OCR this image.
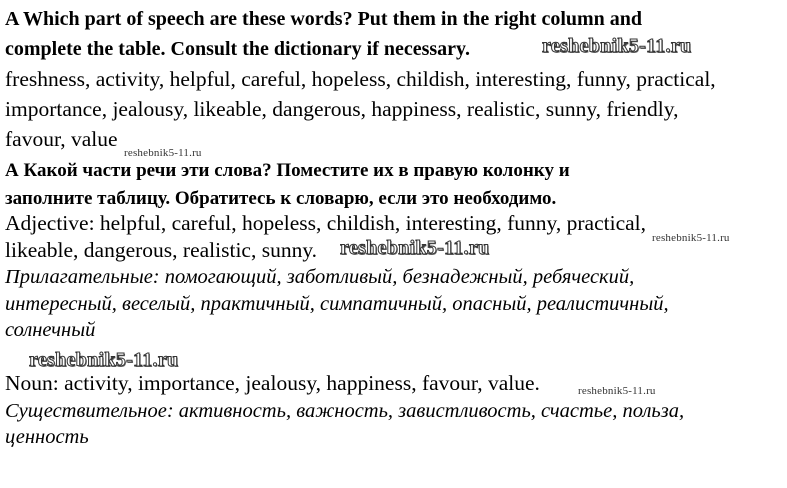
A Which part of speech are these words? Put them in the right column and
complete the table. Consult the dictionary if necessary.	reshebnik5-11.ru
freshness, activity, helpful, careful, hopeless, childish, interesting, funny, practical,
importance, jealousy, likeable, dangerous, happiness, realistic, sunny, friendly,
favour, value
reshebnik5-11.ru
А Какой части речи эти слова? Поместите их в правую колонку и
заполните таблицу. Обратитесь к словарю, если это необходимо.
Adjective: helpful, careful, hopeless, childish, interesting, funny, practical,
reshebnik5-11.ru
likeable, dangerous, realistic, sunny. reshebnik5-11.ru
Прилагательные: помогающий, заботливый, безнадежный, ребяческий,
интересный, веселый, практичный, симпатичный, опасный, реалистичный,
солнечный
reshebnik5-11.ru
Noun: activity, importance, jealousy, happiness, favour, value.	reshebnik5-11.ru
Существительное: активность, важность, завистливость, счастье, польза,
ценность
